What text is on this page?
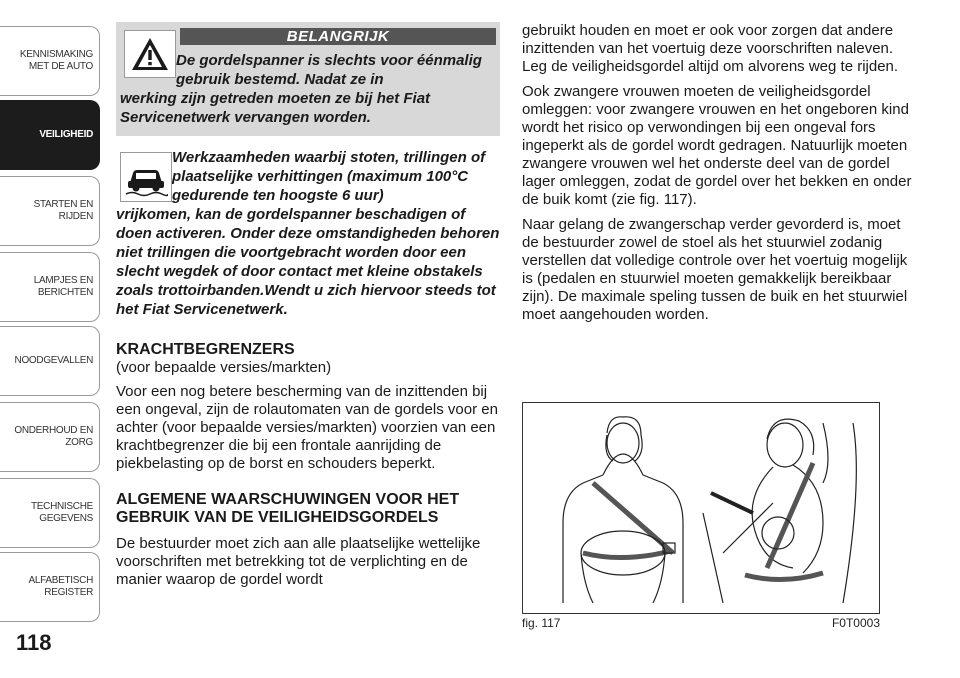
KENNISMAKING
MET DE AUTO
VEILIGHEID
STARTEN EN RIJDEN
LAMPJES EN
BERICHTEN
NOODGEVALLEN
ONDERHOUD EN
ZORG
TECHNISCHE
GEGEVENS
ALFABETISCH
REGISTER
118
BELANGRIJK
De gordelspanner is slechts voor éénmalig gebruik bestemd. Nadat ze in
werking zijn getreden moeten ze bij het Fiat Servicenetwerk vervangen worden.
Werkzaamheden waarbij stoten, trillingen of plaatselijke verhittingen (maximum 100°C gedurende ten hoogste 6 uur)
vrijkomen, kan de gordelspanner beschadigen of doen activeren. Onder deze omstandigheden behoren niet trillingen die voortgebracht worden door een slecht wegdek of door contact met kleine obstakels zoals trottoirbanden.Wendt u zich hiervoor steeds tot het Fiat Servicenetwerk.
KRACHTBEGRENZERS

(voor bepaalde versies/markten)

Voor een nog betere bescherming van de inzittenden bij een ongeval, zijn de rolautomaten van de gordels voor en achter (voor bepaalde versies/markten) voorzien van een krachtbegrenzer die bij een frontale aanrijding de piekbelasting op de borst en schouders beperkt.

ALGEMENE WAARSCHUWINGEN VOOR HET GEBRUIK VAN DE VEILIGHEIDSGORDELS

De bestuurder moet zich aan alle plaatselijke wettelijke voorschriften met betrekking tot de verplichting en de manier waarop de gordel wordt

gebruikt houden en moet er ook voor zorgen dat andere inzittenden van het voertuig deze voorschriften naleven. Leg de veiligheidsgordel altijd om alvorens weg te rijden.

Ook zwangere vrouwen moeten de veiligheidsgordel omleggen: voor zwangere vrouwen en het ongeboren kind wordt het risico op verwondingen bij een ongeval fors ingeperkt als de gordel wordt gedragen. Natuurlijk moeten zwangere vrouwen wel het onderste deel van de gordel lager omleggen, zodat de gordel over het bekken en onder de buik komt (zie fig. 117).

Naar gelang de zwangerschap verder gevorderd is, moet de bestuurder zowel de stoel als het stuurwiel zodanig verstellen dat volledige controle over het voertuig mogelijk is (pedalen en stuurwiel moeten gemakkelijk bereikbaar zijn). De maximale speling tussen de buik en het stuurwiel moet aangehouden worden.

fig. 117	F0T0003
